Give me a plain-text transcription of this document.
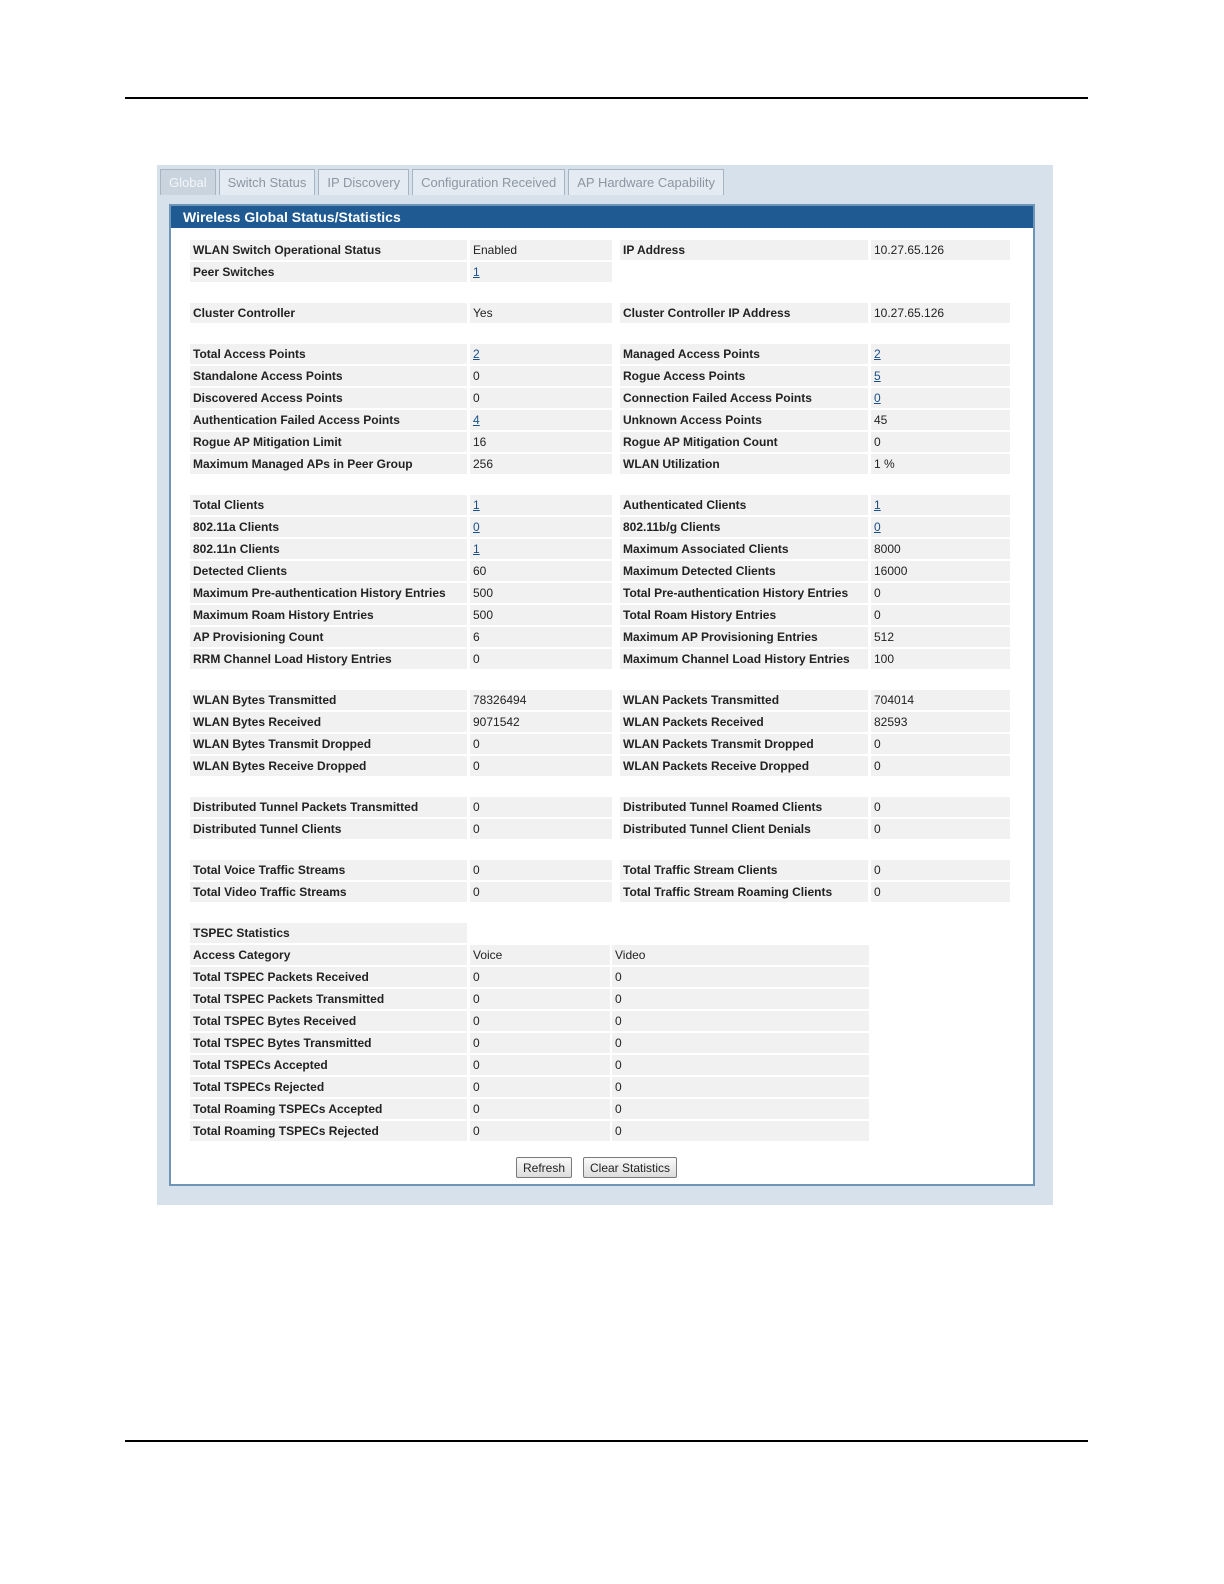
Global	Switch Status	IP Discovery	Configuration Received	AP Hardware Capability
Wireless Global Status/Statistics
WLAN Switch Operational Status	Enabled	IP Address	10.27.65.126
Peer Switches	1
Cluster Controller	Yes	Cluster Controller IP Address	10.27.65.126
Total Access Points	2	Managed Access Points	2
Standalone Access Points	0	Rogue Access Points	5
Discovered Access Points	0	Connection Failed Access Points	0
Authentication Failed Access Points	4	Unknown Access Points	45
Rogue AP Mitigation Limit	16	Rogue AP Mitigation Count	0
Maximum Managed APs in Peer Group	256	WLAN Utilization	1 %
Total Clients	1	Authenticated Clients	1
802.11a Clients	0	802.11b/g Clients	0
802.11n Clients	1	Maximum Associated Clients	8000
Detected Clients	60	Maximum Detected Clients	16000
Maximum Pre-authentication History Entries	500	Total Pre-authentication History Entries	0
Maximum Roam History Entries	500	Total Roam History Entries	0
AP Provisioning Count	6	Maximum AP Provisioning Entries	512
RRM Channel Load History Entries	0	Maximum Channel Load History Entries	100
WLAN Bytes Transmitted	78326494	WLAN Packets Transmitted	704014
WLAN Bytes Received	9071542	WLAN Packets Received	82593
WLAN Bytes Transmit Dropped	0	WLAN Packets Transmit Dropped	0
WLAN Bytes Receive Dropped	0	WLAN Packets Receive Dropped	0
Distributed Tunnel Packets Transmitted	0	Distributed Tunnel Roamed Clients	0
Distributed Tunnel Clients	0	Distributed Tunnel Client Denials	0
Total Voice Traffic Streams	0	Total Traffic Stream Clients	0
Total Video Traffic Streams	0	Total Traffic Stream Roaming Clients	0
TSPEC Statistics
Access Category	Voice	Video
Total TSPEC Packets Received	0	0
Total TSPEC Packets Transmitted	0	0
Total TSPEC Bytes Received	0	0
Total TSPEC Bytes Transmitted	0	0
Total TSPECs Accepted	0	0
Total TSPECs Rejected	0	0
Total Roaming TSPECs Accepted	0	0
Total Roaming TSPECs Rejected	0	0
Refresh	Clear Statistics
